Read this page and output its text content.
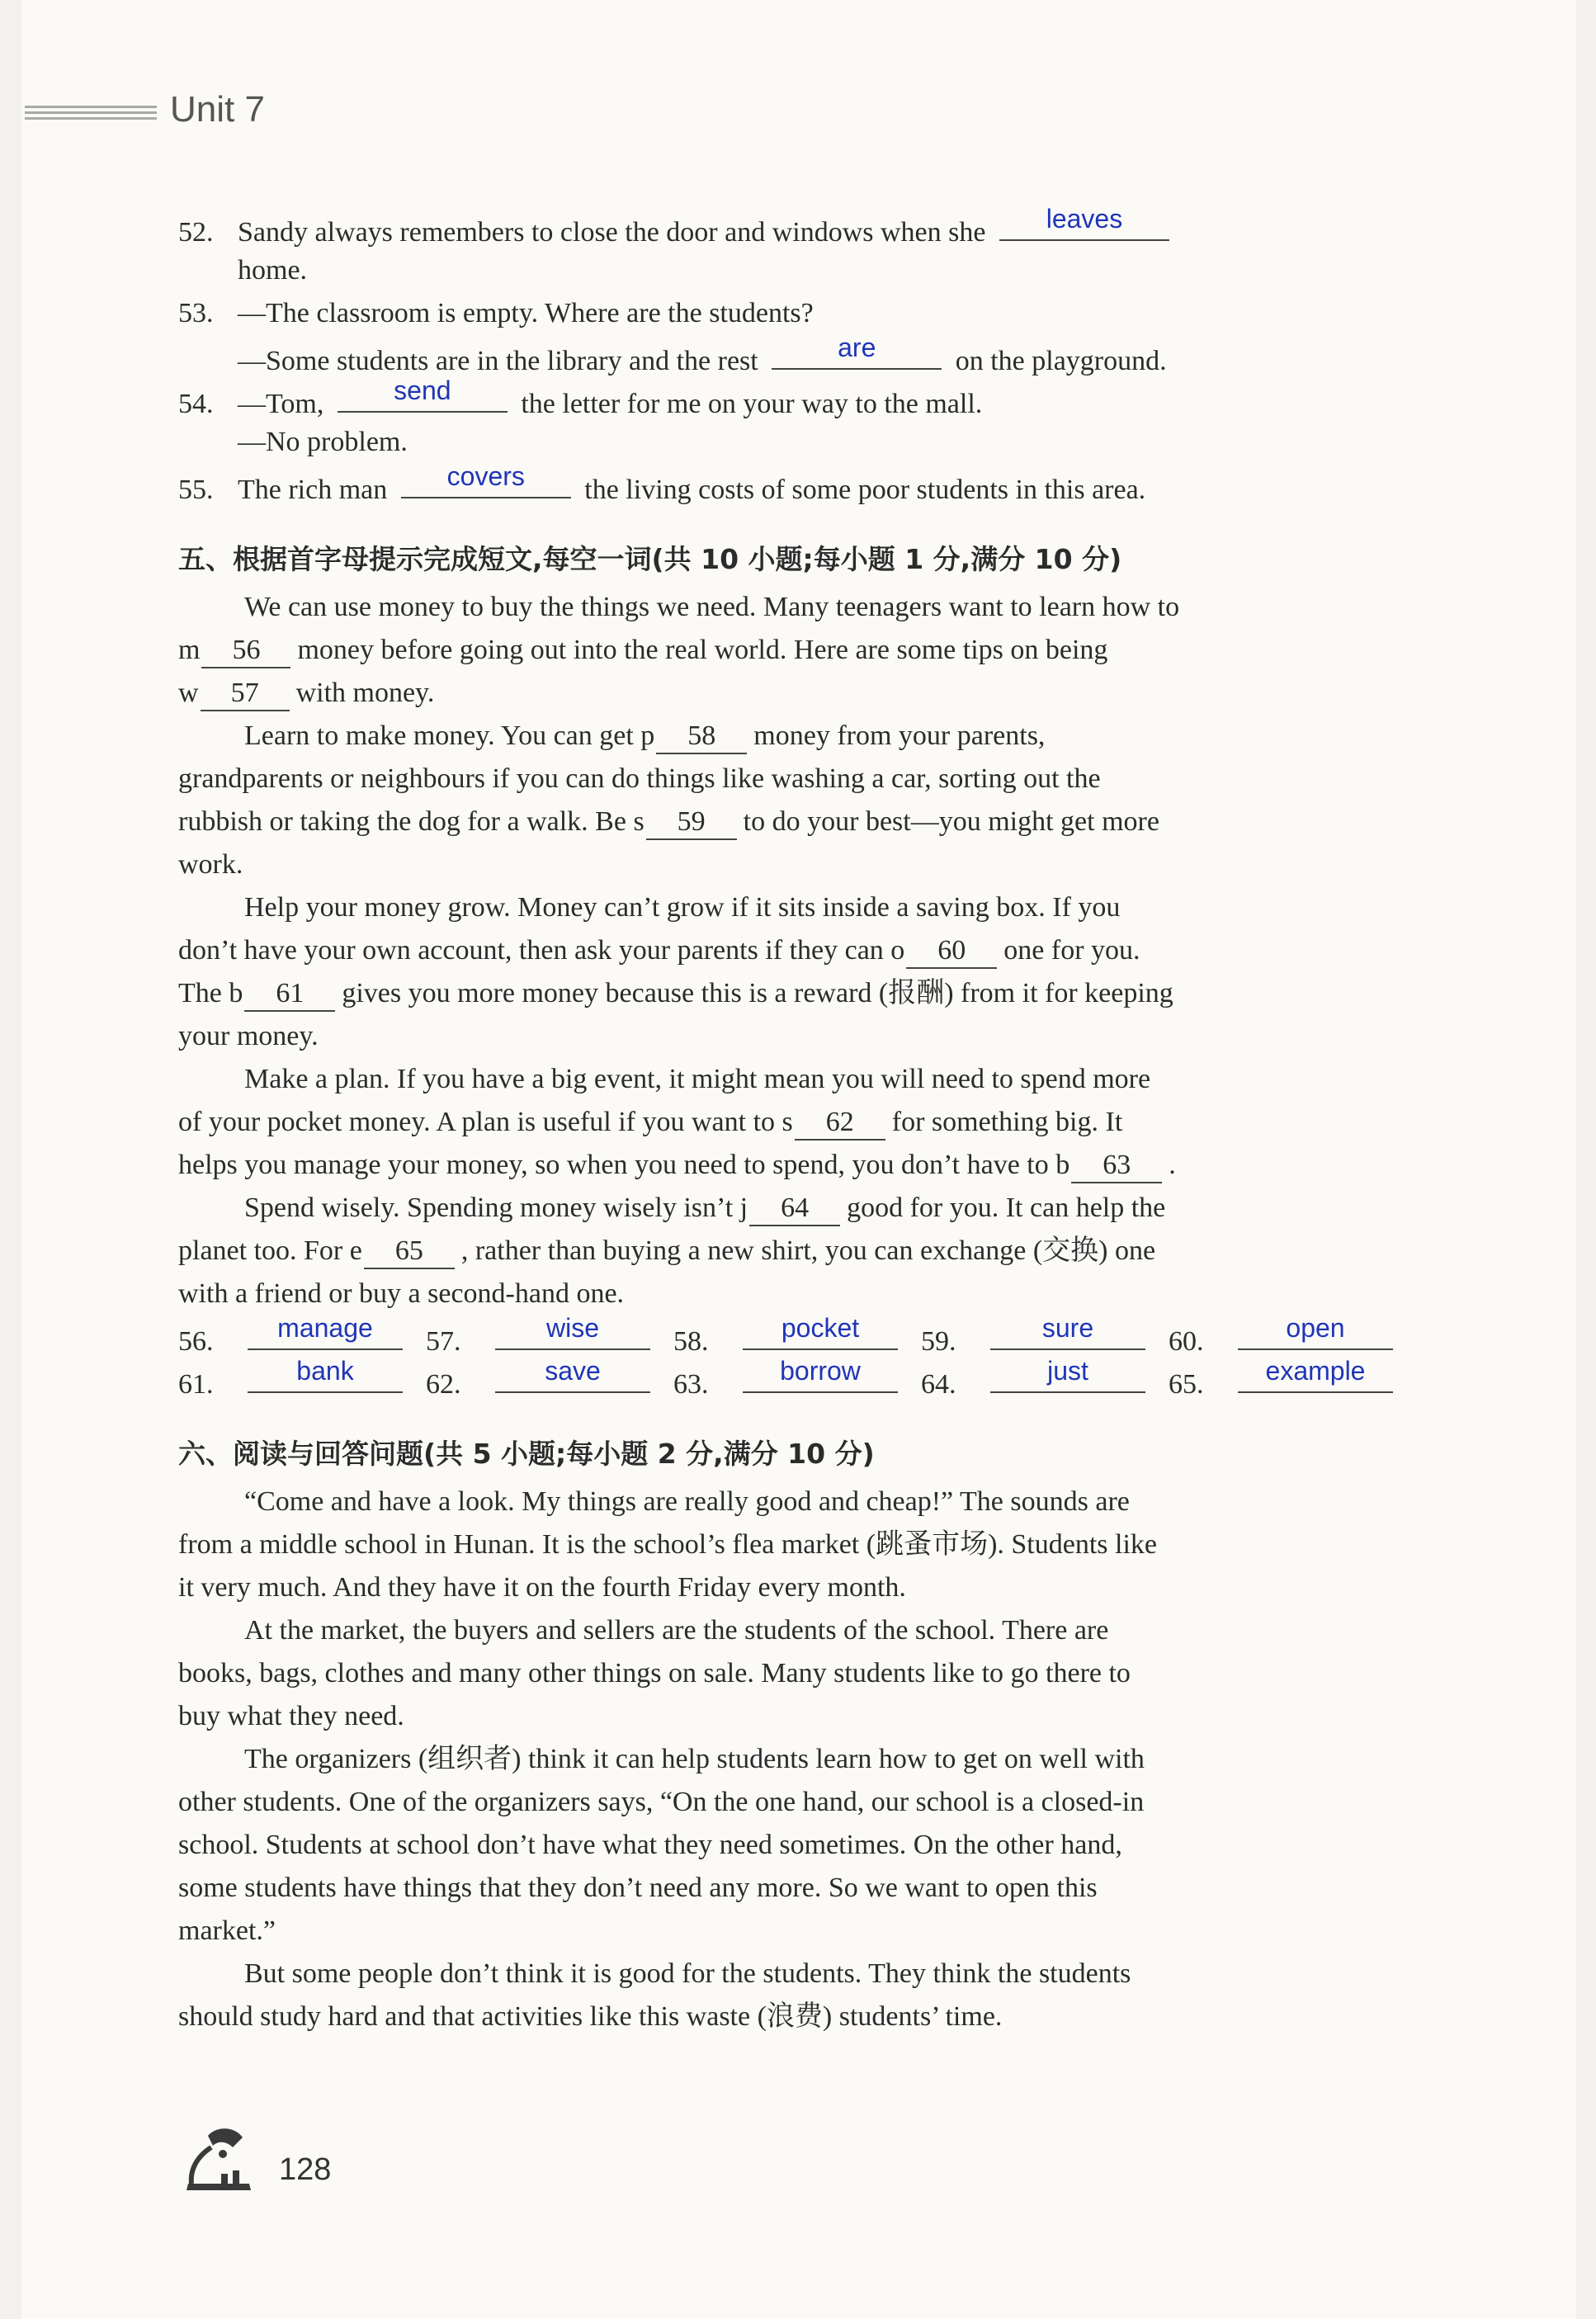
Unit 7
52. Sandy always remembers to close the door and windows when she	leaves
home.
53. —The classroom is empty. Where are the students?
—Some students are in the library and the rest	are	on the playground.
54. —Tom,	send	the letter for me on your way to the mall.
—No problem.
55. The rich man	covers	the living costs of some poor students in this area.
五、根据首字母提示完成短文,每空一词(共 10 小题;每小题 1 分,满分 10 分)
We can use money to buy the things we need. Many teenagers want to learn how to
m 56 money before going out into the real world. Here are some tips on being
w 57 with money.
Learn to make money. You can get p 58 money from your parents,
grandparents or neighbours if you can do things like washing a car, sorting out the
rubbish or taking the dog for a walk. Be s 59 to do your best—you might get more
work.
Help your money grow. Money can’t grow if it sits inside a saving box. If you
don’t have your own account, then ask your parents if they can o 60 one for you.
The b 61 gives you more money because this is a reward (报酬) from it for keeping
your money.
Make a plan. If you have a big event, it might mean you will need to spend more
of your pocket money. A plan is useful if you want to s 62 for something big. It
helps you manage your money, so when you need to spend, you don’t have to b 63 .
Spend wisely. Spending money wisely isn’t j 64 good for you. It can help the
planet too. For e 65 , rather than buying a new shirt, you can exchange (交换) one
with a friend or buy a second-hand one.
56.	manage	57.	wise	58.	pocket	59.	sure	60.	open
61.	bank	62.	save	63.	borrow	64.	just	65.	example
六、阅读与回答问题(共 5 小题;每小题 2 分,满分 10 分)
“Come and have a look. My things are really good and cheap!” The sounds are
from a middle school in Hunan. It is the school’s flea market (跳蚤市场). Students like
it very much. And they have it on the fourth Friday every month.
At the market, the buyers and sellers are the students of the school. There are
books, bags, clothes and many other things on sale. Many students like to go there to
buy what they need.
The organizers (组织者) think it can help students learn how to get on well with
other students. One of the organizers says, “On the one hand, our school is a closed-in
school. Students at school don’t have what they need sometimes. On the other hand,
some students have things that they don’t need any more. So we want to open this
market.”
But some people don’t think it is good for the students. They think the students
should study hard and that activities like this waste (浪费) students’ time.
128
